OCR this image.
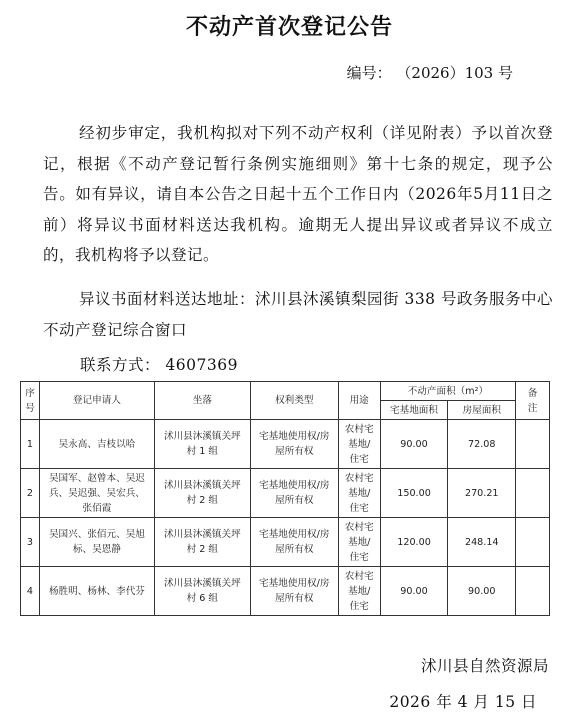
不动产首次登记公告
编号： （2026）103 号
经初步审定，我机构拟对下列不动产权利（详见附表）予以首次登记，根据《不动产登记暂行条例实施细则》第十七条的规定，现予公告。如有异议，请自本公告之日起十五个工作日内（2026年5月11日之前）将异议书面材料送达我机构。逾期无人提出异议或者异议不成立的，我机构将予以登记。
异议书面材料送达地址：沭川县沐溪镇梨园街 338 号政务服务中心不动产登记综合窗口
联系方式： 4607369
序号	登记申请人	坐落	权利类型	用途	不动产面积（m²）		备注
					宅基地面积	房屋面积	
1	吴永高、吉枝以哈	沭川县沐溪镇关坪村 1 组	宅基地使用权/房屋所有权	农村宅基地/住宅	90.00	72.08	
2	吴国军、赵曾本、吴迟兵、吴迟强、吴宏兵、张佰霞	沭川县沐溪镇关坪村 2 组	宅基地使用权/房屋所有权	农村宅基地/住宅	150.00	270.21	
3	吴国兴、张佰元、吴旭标、吴恩静	沭川县沐溪镇关坪村 2 组	宅基地使用权/房屋所有权	农村宅基地/住宅	120.00	248.14	
4	杨胜明、杨林、李代芬	沭川县沐溪镇关坪村 6 组	宅基地使用权/房屋所有权	农村宅基地/住宅	90.00	90.00	
沭川县自然资源局
2026 年 4 月 15 日
